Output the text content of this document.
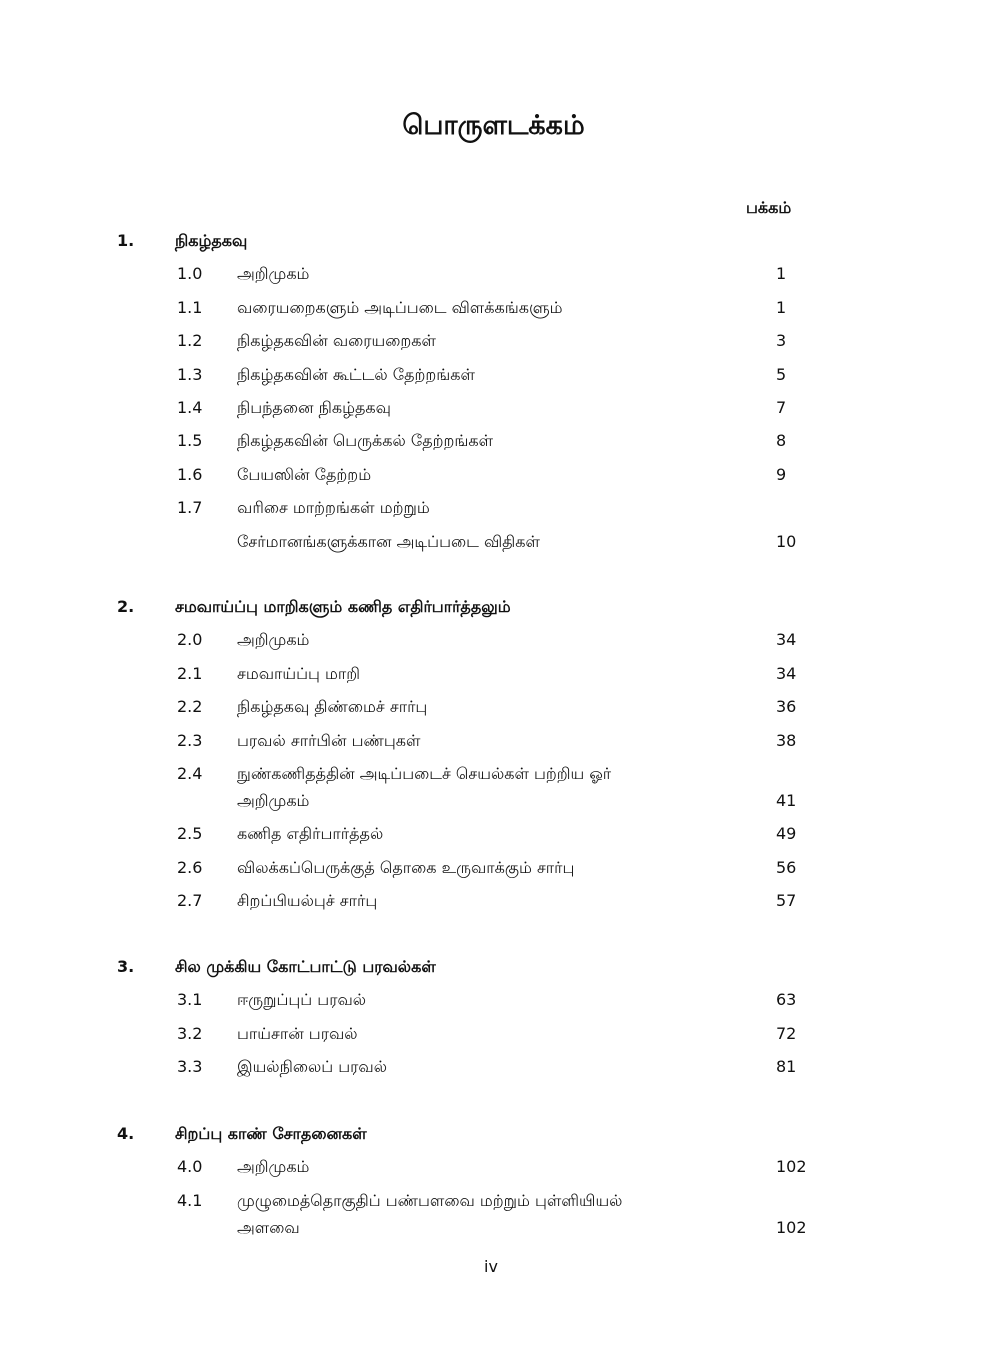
பொருளடக்கம்
பக்கம்
1.	நிகழ்தகவு
1.0 அறிமுகம்	1
1.1 வரையறைகளும் அடிப்படை விளக்கங்களும்	1
1.2 நிகழ்தகவின் வரையறைகள்	3
1.3 நிகழ்தகவின் கூட்டல் தேற்றங்கள்	5
1.4 நிபந்தனை நிகழ்தகவு	7
1.5 நிகழ்தகவின் பெருக்கல் தேற்றங்கள்	8
1.6 பேயஸின் தேற்றம்	9
1.7 வரிசை மாற்றங்கள் மற்றும்
சேர்மானங்களுக்கான அடிப்படை விதிகள்	10
2.	சமவாய்ப்பு மாறிகளும் கணித எதிர்பார்த்தலும்
2.0 அறிமுகம்	34
2.1 சமவாய்ப்பு மாறி	34
2.2 நிகழ்தகவு திண்மைச் சார்பு	36
2.3 பரவல் சார்பின் பண்புகள்	38
2.4 நுண்கணிதத்தின் அடிப்படைச் செயல்கள் பற்றிய ஓர்
அறிமுகம்	41
2.5 கணித எதிர்பார்த்தல்	49
2.6 விலக்கப்பெருக்குத் தொகை உருவாக்கும் சார்பு	56
2.7 சிறப்பியல்புச் சார்பு	57
3.	சில முக்கிய கோட்பாட்டு பரவல்கள்
3.1 ஈருறுப்புப் பரவல்	63
3.2 பாய்சான் பரவல்	72
3.3 இயல்நிலைப் பரவல்	81
4.	சிறப்பு காண் சோதனைகள்
4.0 அறிமுகம்	102
4.1 முழுமைத்தொகுதிப் பண்பளவை மற்றும் புள்ளியியல்
அளவை	102
iv
